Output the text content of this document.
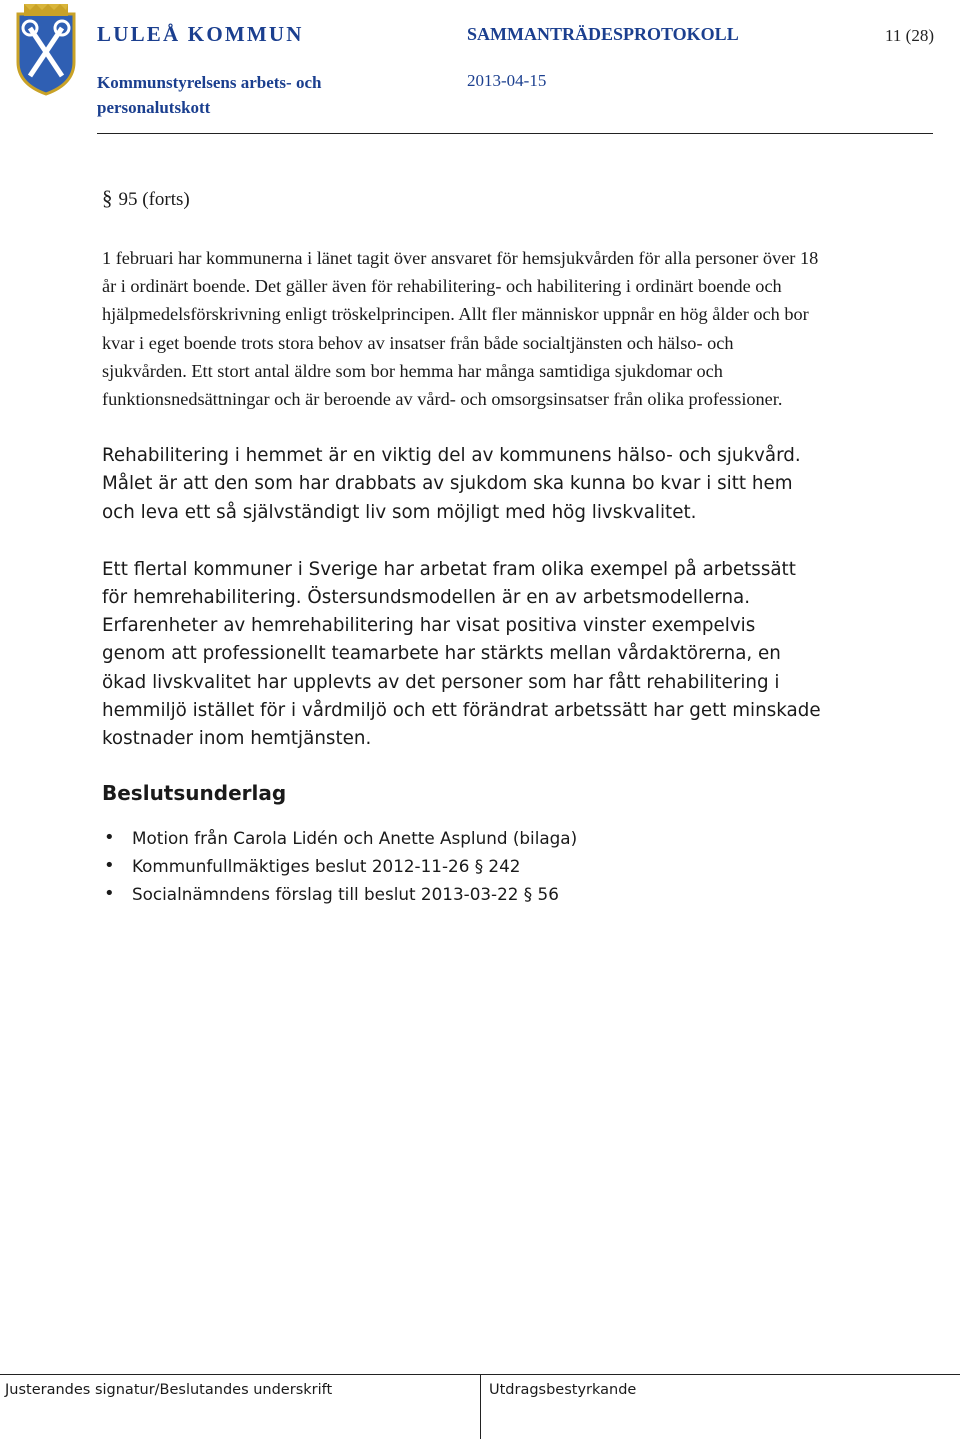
LULEÅ KOMMUN
Kommunstyrelsens arbets- och personalutskott
SAMMANTRÄDESPROTOKOLL
2013-04-15
11 (28)
§ 95 (forts)

1 februari har kommunerna i länet tagit över ansvaret för hemsjukvården för alla personer över 18 år i ordinärt boende. Det gäller även för rehabilitering- och habilitering i ordinärt boende och hjälpmedelsförskrivning enligt tröskelprincipen. Allt fler människor uppnår en hög ålder och bor kvar i eget boende trots stora behov av insatser från både socialtjänsten och hälso- och sjukvården. Ett stort antal äldre som bor hemma har många samtidiga sjukdomar och funktionsnedsättningar och är beroende av vård- och omsorgsinsatser från olika professioner.

Rehabilitering i hemmet är en viktig del av kommunens hälso- och sjukvård. Målet är att den som har drabbats av sjukdom ska kunna bo kvar i sitt hem och leva ett så självständigt liv som möjligt med hög livskvalitet.

Ett flertal kommuner i Sverige har arbetat fram olika exempel på arbetssätt för hemrehabilitering. Östersundsmodellen är en av arbetsmodellerna. Erfarenheter av hemrehabilitering har visat positiva vinster exempelvis genom att professionellt teamarbete har stärkts mellan vårdaktörerna, en ökad livskvalitet har upplevts av det personer som har fått rehabilitering i hemmiljö istället för i vårdmiljö och ett förändrat arbetssätt har gett minskade kostnader inom hemtjänsten.

Beslutsunderlag
• Motion från Carola Lidén och Anette Asplund (bilaga)
• Kommunfullmäktiges beslut 2012-11-26 § 242
• Socialnämndens förslag till beslut 2013-03-22 § 56
Justerandes signatur/Beslutandes underskrift	Utdragsbestyrkande
